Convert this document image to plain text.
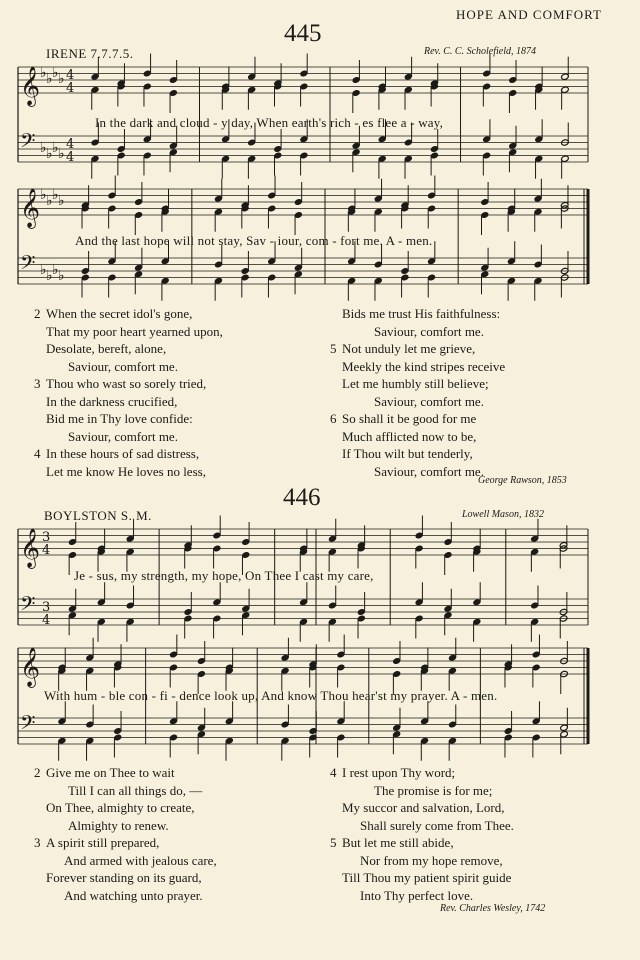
HOPE AND COMFORT
445
IRENE 7.7.7.5.	Rev. C. C. Scholefield, 1874
𝄞
𝄢
♭
♭
♭
♭
♭
♭
♭
♭
4
4
4
4
𝄞
𝄢
♭
♭
♭
♭
♭
♭
♭
♭
𝄞
𝄢
3
4
3
4
𝄞
𝄢
In the dark and cloud - y day, When earth's rich - es flee a - way,
And the last hope will not stay, Sav - iour, com - fort me. A - men.
2 When the secret idol's gone,
That my poor heart yearned upon,
Desolate, bereft, alone,
Saviour, comfort me.
3 Thou who wast so sorely tried,
In the darkness crucified,
Bid me in Thy love confide:
Saviour, comfort me.
4 In these hours of sad distress,
Let me know He loves no less,
Bids me trust His faithfulness:
Saviour, comfort me.
5 Not unduly let me grieve,
Meekly the kind stripes receive
Let me humbly still believe;
Saviour, comfort me.
6 So shall it be good for me
Much afflicted now to be,
If Thou wilt but tenderly,
Saviour, comfort me.
George Rawson, 1853
446
BOYLSTON S. M.	Lowell Mason, 1832
Je - sus, my strength, my hope, On Thee I cast my care,
With hum - ble con - fi - dence look up, And know Thou hear'st my prayer. A - men.
2 Give me on Thee to wait
Till I can all things do, —
On Thee, almighty to create,
Almighty to renew.
3 A spirit still prepared,
And armed with jealous care,
Forever standing on its guard,
And watching unto prayer.
4 I rest upon Thy word;
The promise is for me;
My succor and salvation, Lord,
Shall surely come from Thee.
5 But let me still abide,
Nor from my hope remove,
Till Thou my patient spirit guide
Into Thy perfect love.
Rev. Charles Wesley, 1742
